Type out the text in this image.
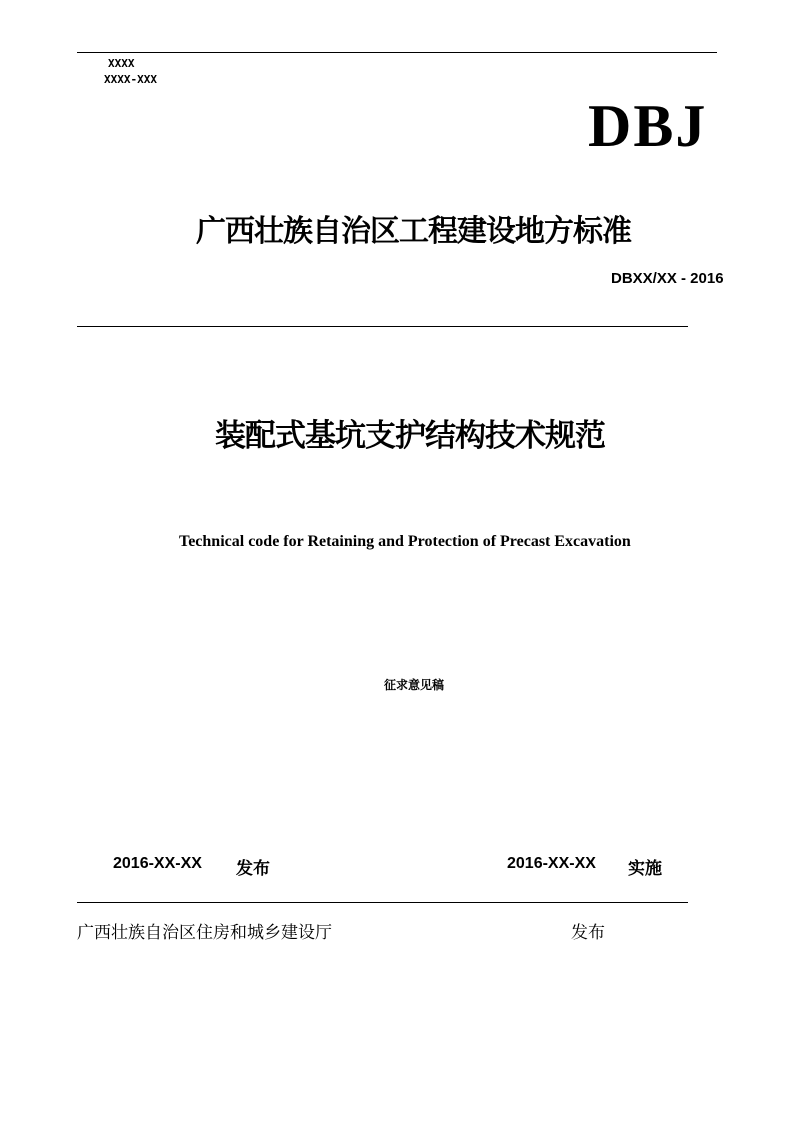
XXXX
XXXX-XXX
DBJ
广西壮族自治区工程建设地方标准
DBXX/XX - 2016
装配式基坑支护结构技术规范
Technical code for Retaining and Protection of Precast Excavation
征求意见稿
2016-XX-XX 发布	2016-XX-XX 实施
广西壮族自治区住房和城乡建设厅	发布
